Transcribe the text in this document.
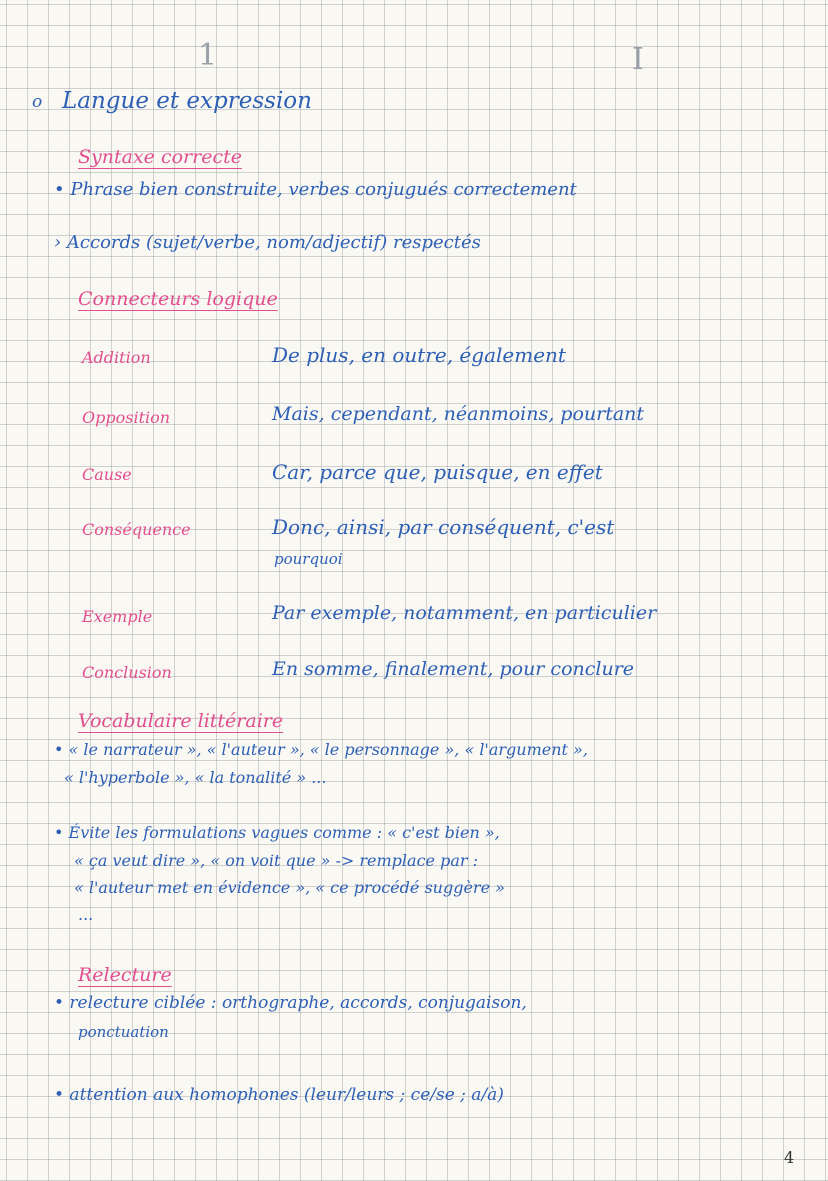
1	I
o Langue et expression
Syntaxe correcte
• Phrase bien construite, verbes conjugués correctement
› Accords (sujet/verbe, nom/adjectif) respectés
Connecteurs logique
Addition	De plus, en outre, également
Opposition	Mais, cependant, néanmoins, pourtant
Cause	Car, parce que, puisque, en effet
Conséquence	Donc, ainsi, par conséquent, c'est
pourquoi
Exemple	Par exemple, notamment, en particulier
Conclusion	En somme, finalement, pour conclure
Vocabulaire littéraire
• « le narrateur », « l'auteur », « le personnage », « l'argument »,
« l'hyperbole », « la tonalité » ...
• Évite les formulations vagues comme : « c'est bien »,
« ça veut dire », « on voit que » -> remplace par :
« l'auteur met en évidence », « ce procédé suggère »
...
Relecture
• relecture ciblée : orthographe, accords, conjugaison,
ponctuation
• attention aux homophones (leur/leurs ; ce/se ; a/à)
4
